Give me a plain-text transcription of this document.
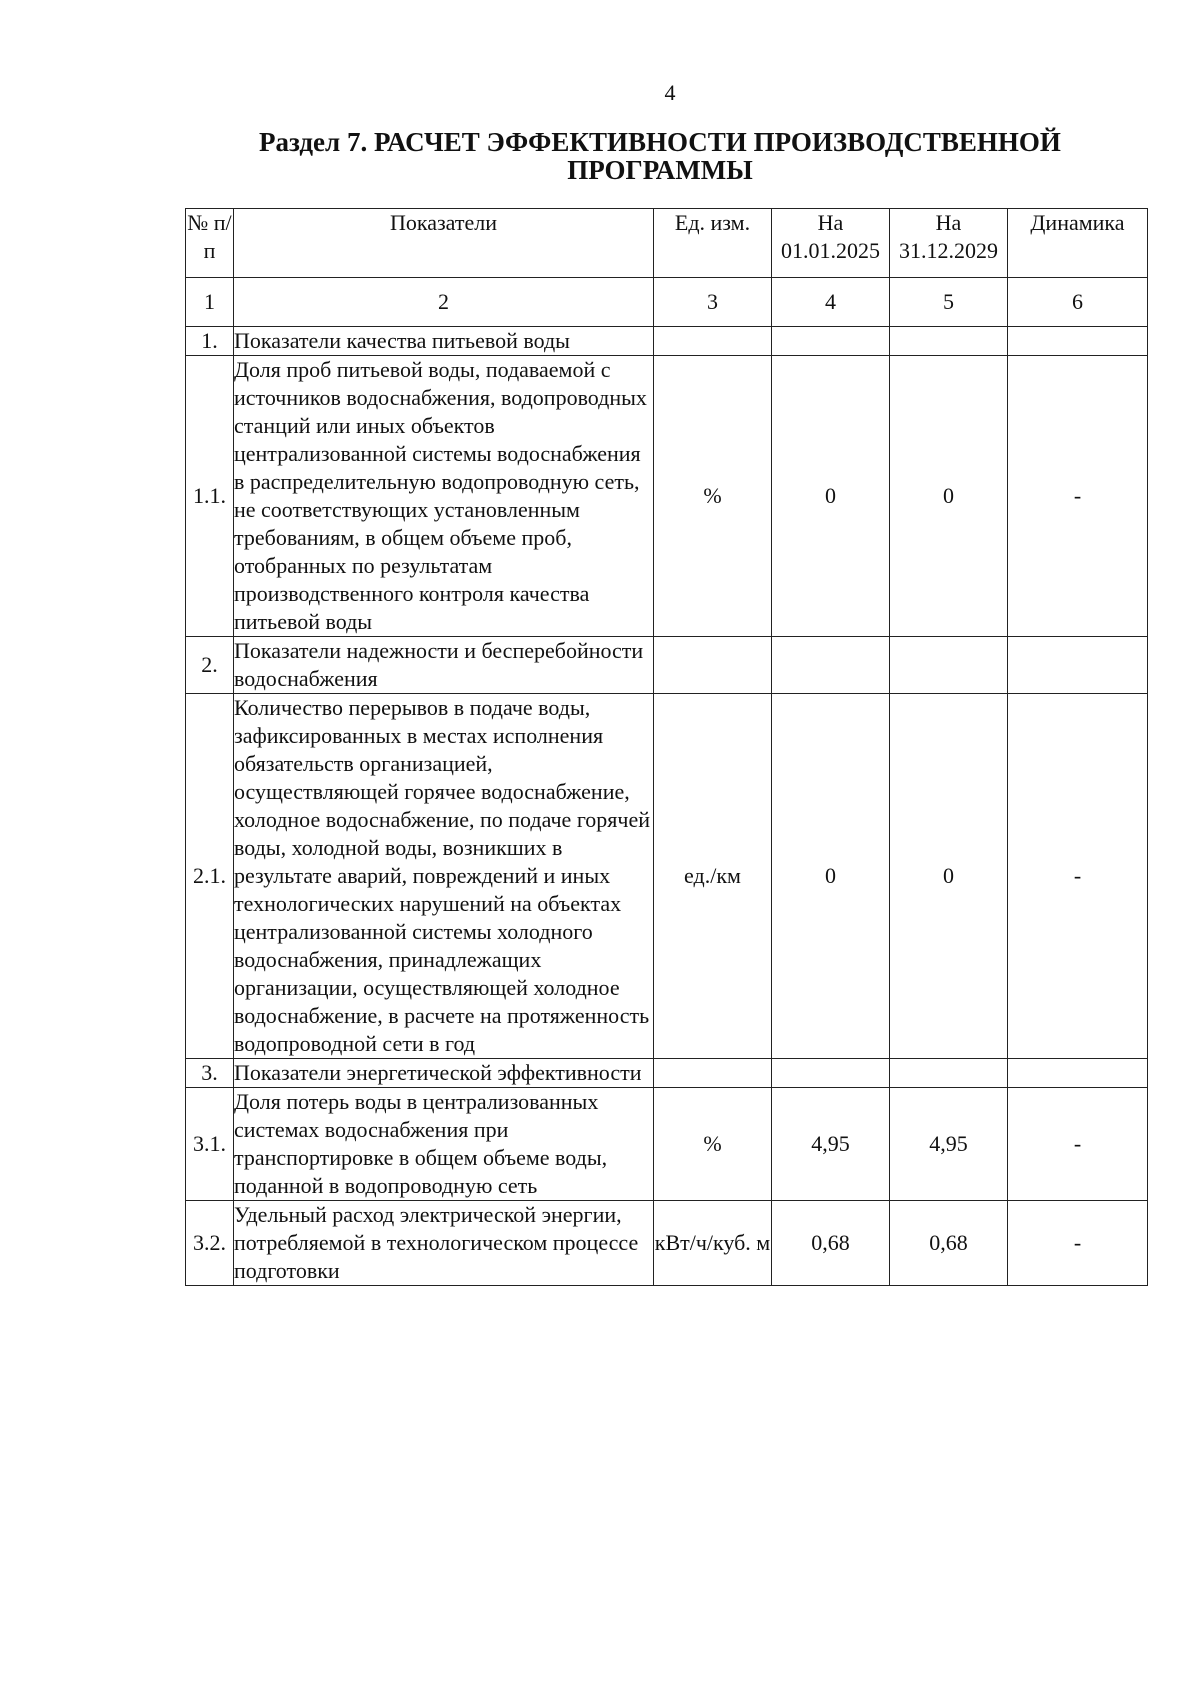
4
Раздел 7. РАСЧЕТ ЭФФЕКТИВНОСТИ ПРОИЗВОДСТВЕННОЙ ПРОГРАММЫ
№ п/п	Показатели	Ед. изм.	На 01.01.2025	На 31.12.2029	Динамика
1	2	3	4	5	6
1.	Показатели качества питьевой воды				
1.1.	Доля проб питьевой воды, подаваемой с источников водоснабжения, водопроводных станций или иных объектов централизованной системы водоснабжения в распределительную водопроводную сеть, не соответствующих установленным требованиям, в общем объеме проб, отобранных по результатам производственного контроля качества питьевой воды	%	0	0	-
2.	Показатели надежности и бесперебойности водоснабжения				
2.1.	Количество перерывов в подаче воды, зафиксированных в местах исполнения обязательств организацией, осуществляющей горячее водоснабжение, холодное водоснабжение, по подаче горячей воды, холодной воды, возникших в результате аварий, повреждений и иных технологических нарушений на объектах централизованной системы холодного водоснабжения, принадлежащих организации, осуществляющей холодное водоснабжение, в расчете на протяженность водопроводной сети в год	ед./км	0	0	-
3.	Показатели энергетической эффективности				
3.1.	Доля потерь воды в централизованных системах водоснабжения при транспортировке в общем объеме воды, поданной в водопроводную сеть	%	4,95	4,95	-
3.2.	Удельный расход электрической энергии, потребляемой в технологическом процессе подготовки	кВт/ч/куб. м	0,68	0,68	-
